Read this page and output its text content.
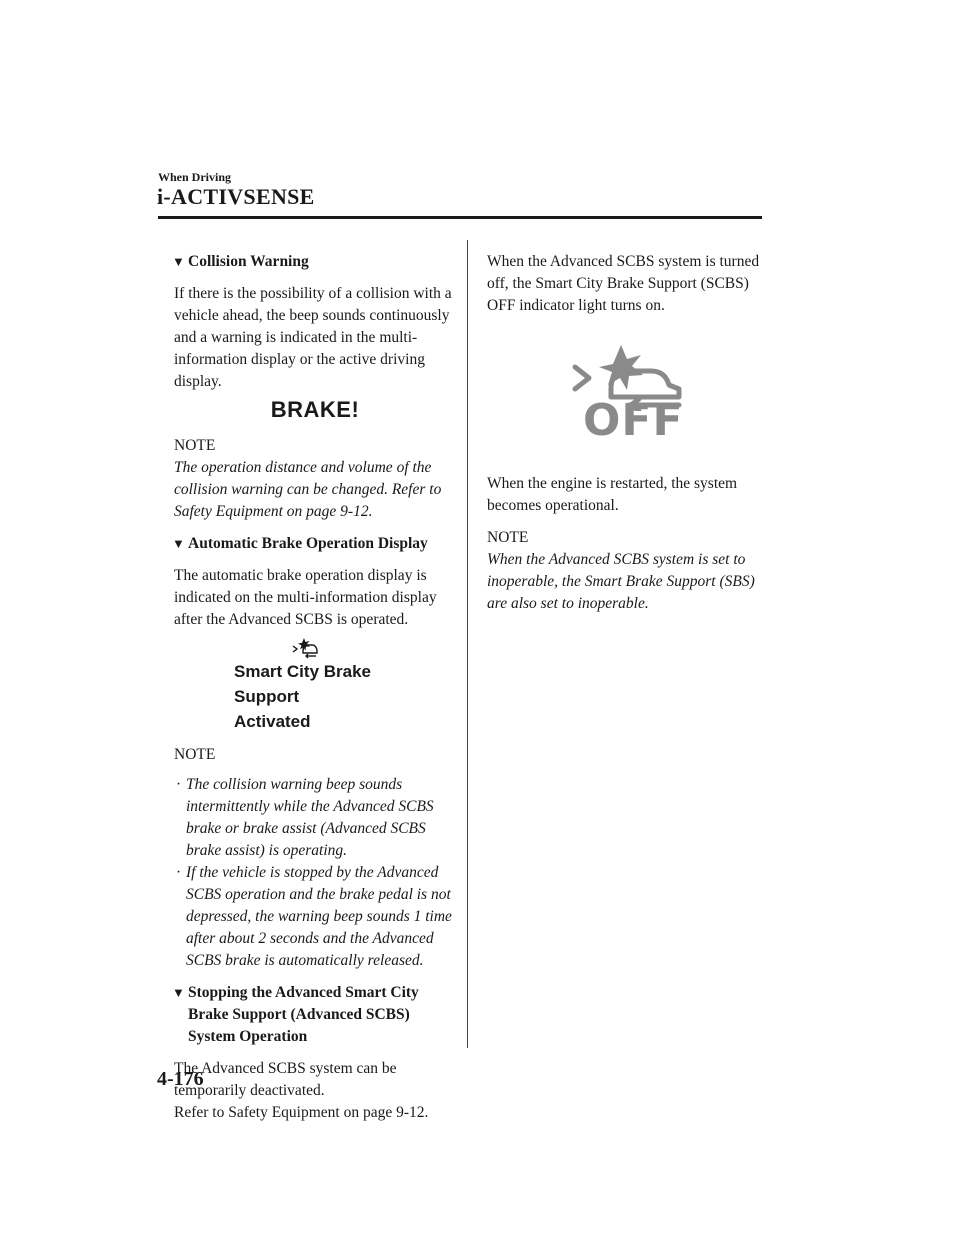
When Driving
i-ACTIVSENSE
▼ Collision Warning

If there is the possibility of a collision with a vehicle ahead, the beep sounds continuously and a warning is indicated in the multi-information display or the active driving display.

BRAKE!
NOTE
The operation distance and volume of the collision warning can be changed. Refer to Safety Equipment on page 9-12.
▼ Automatic Brake Operation Display

The automatic brake operation display is indicated on the multi-information display after the Advanced SCBS is operated.

Smart City Brake
Support
Activated
NOTE
· The collision warning beep sounds intermittently while the Advanced SCBS brake or brake assist (Advanced SCBS brake assist) is operating.
· If the vehicle is stopped by the Advanced SCBS operation and the brake pedal is not depressed, the warning beep sounds 1 time after about 2 seconds and the Advanced SCBS brake is automatically released.
▼ Stopping the Advanced Smart City Brake Support (Advanced SCBS) System Operation
The Advanced SCBS system can be temporarily deactivated.
Refer to Safety Equipment on page 9-12.

When the Advanced SCBS system is turned off, the Smart City Brake Support (SCBS) OFF indicator light turns on.

OFF

When the engine is restarted, the system becomes operational.

NOTE
When the Advanced SCBS system is set to inoperable, the Smart Brake Support (SBS) are also set to inoperable.
4-176
